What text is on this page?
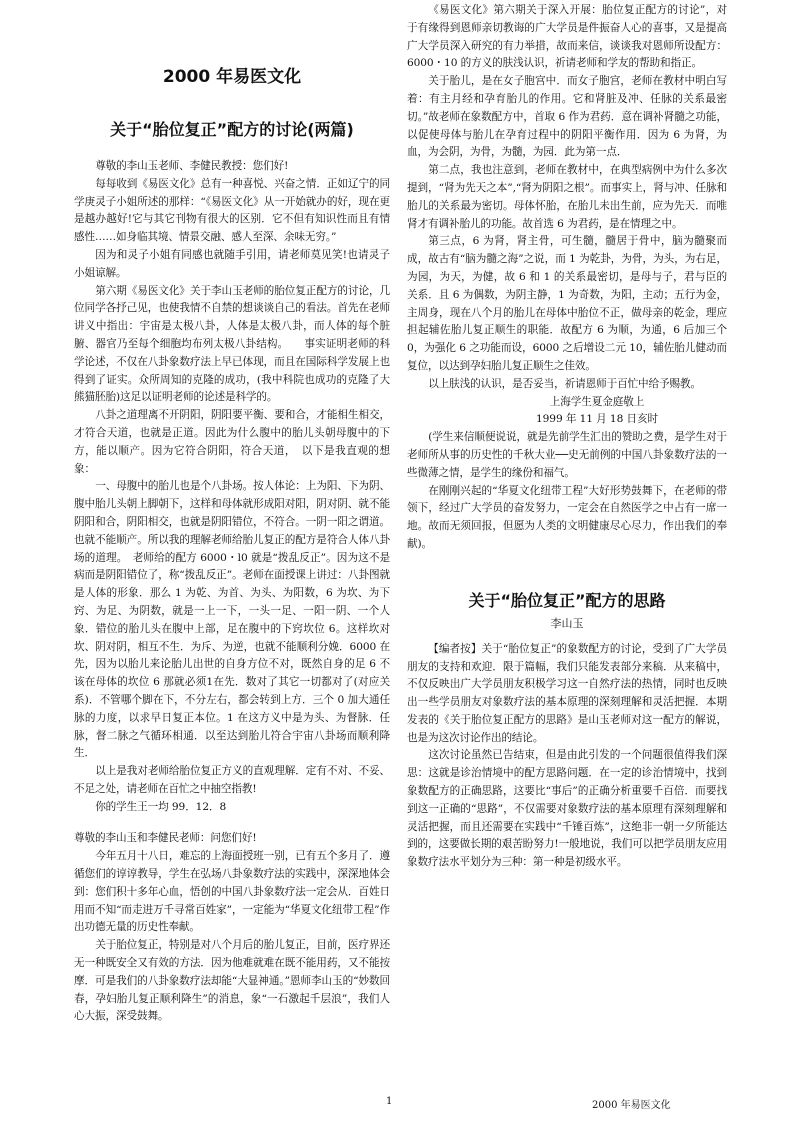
2000 年易医文化

关于“胎位复正”配方的讨论(两篇)

尊敬的李山玉老师、李健民教授：您们好!

每每收到《易医文化》总有一种喜悦、兴奋之情．正如辽宁的同学庚灵子小姐所述的那样：“《易医文化》从一开始就办的好，现在更是越办越好!它与其它刊物有很大的区别．它不但有知识性而且有情感性……如身临其境、情景交融、感人至深、余味无穷。”

因为和灵子小姐有同感也就随手引用，请老师莫见笑!也请灵子小姐谅解。

第六期《易医文化》关于李山玉老师的胎位复正配方的讨论，几位同学各抒己见，也使我情不自禁的想谈谈自己的看法。首先在老师讲义中指出：宇宙是太极八卦，人体是太极八卦，而人体的每个脏腑、器官乃至每个细胞均布列太极八卦结构。　　事实证明老师的科学论述，不仅在八卦象数疗法上早已体现，而且在国际科学发展上也得到了证实。众所周知的克隆的成功，(我中科院也成功的克隆了大熊猫胚胎)这足以证明老师的论述是科学的。

八卦之道理离不开阴阳，阴阳要平衡、要和合，才能相生相交，才符合天道，也就是正道。因此为什么腹中的胎儿头朝母腹中的下方，能以顺产。因为它符合阴阳，符合天道，　以下是我直观的想象：

一、母腹中的胎儿也是个八卦场。按人体论：上为阳、下为阴、腹中胎儿头朝上脚朝下，这样和母体就形成阳对阳，阴对阴、就不能阴阳和合，阴阳相交，也就是阴阳错位，不符合。一阴一阳之谓道。也就不能顺产。所以我的理解老师给胎儿复正的配方是符合人体八卦场的道理。　老师给的配方 6000・l0 就是“拨乱反正”。因为这不是病而是阴阳错位了，称“拨乱反正”。老师在面授课上讲过：八卦图就是人体的形象．那么 1 为乾、为首、为头、为阳数，6 为坎、为下窍、为足、为阴数，就是一上一下，一头一足、一阳一阴、一个人象．错位的胎儿头在腹中上部，足在腹中的下窍坎位 6。这样坎对坎、阴对阴，相互不生．为斥、为逆，也就不能顺利分娩．6000 在先，因为以胎儿来论胎儿出世的自身方位不对，既然自身的足 6 不该在母体的坎位 6 那就必须1在先．数对了其它一切都对了(对应关系)．不管哪个脚在下，不分左右，都会转到上方．三个 0 加大通任脉的力度，以求早日复正本位。1 在这方义中是为头、为督脉．任脉，督二脉之气循环相通．以至达到胎儿符合宇宙八卦场而顺利降生．

以上是我对老师给胎位复正方义的直观理解．定有不对、不妥、不足之处，请老师在百忙之中抽空指教!

你的学生王一均 99．12．8

尊敬的李山玉和李健民老师：问您们好!

今年五月十八日，难忘的上海面授班一别，已有五个多月了．遵循您们的谆谆教导，学生在弘场八卦象数疗法的实践中，深深地体会到：您们积十多年心血，悟创的中国八卦象数疗法一定会从．百姓日用而不知“而走进万千寻常百姓家”，一定能为“华夏文化纽带工程”作出功德无量的历史性奉献。

关于胎位复正，特别是对八个月后的胎儿复正，目前，医疗界还无一种既安全又有效的方法．因为他难就难在既不能用药，又不能按摩．可是我们的八卦象数疗法却能“大显神通。”恩师李山玉的“妙数回春，孕妇胎儿复正顺利降生”的消息，象“一石激起千层浪”，我们人心大振，深受鼓舞。

《易医文化》第六期关于深入开展：胎位复正配方的讨论”，对于有缘得到恩师亲切教诲的广大学员是件振奋人心的喜事，又是提高广大学员深入研究的有力举措，故而来信，谈谈我对恩师所设配方：6000・10 的方义的肤浅认识，祈请老师和学友的帮助和指正。

关于胎儿，是在女子胞宫中．而女子胞宫，老师在教材中明白写着：有主月经和孕育胎儿的作用。它和肾脏及冲、任脉的关系最密切。”故老师在象数配方中，首取 6 作为君药．意在调补肾髓之功能，以促使母体与胎儿在孕育过程中的阴阳平衡作用．因为 6 为肾，为血，为会阴，为骨，为髓，为园．此为第一点．

第二点，我也注意到，老师在教材中，在典型病例中为什么多次提到，“肾为先天之本”,“肾为阴阳之根”。而事实上，肾与冲、任脉和胎儿的关系最为密切。母体怀胎，在胎儿未出生前，应为先天．而唯肾才有调补胎儿的功能。故首选 6 为君药，是在情理之中。

第三点，6 为肾，肾主骨，可生髓，髓居于骨中，脑为髓聚而成，故古有“脑为髓之海”之说，而 1 为乾卦，为骨，为头，为右足，为园，为天，为健，故 6 和 1 的关系最密切，是母与子，君与臣的关系．且 6 为偶数，为阴主静，1 为奇数，为阳，主动；五行为金，主周身，现在八个月的胎儿在母体中胎位不正，做母亲的乾金，理应担起辅佐胎儿复正顺生的职能．故配方 6 为顺，为通，6 后加三个 0，为强化 6 之功能而设，6000 之后增设二元 10，辅佐胎儿健动而复位，以达到孕妇胎儿复正顺生之佳效。

以上肤浅的认识，是否妥当，祈请恩师于百忙中给予赐教。

上海学生夏金庭敬上

1999 年 11 月 18 日亥时

(学生来信顺便说说，就是先前学生汇出的赞助之费，是学生对于老师所从事的历史性的千秋大业──史无前例的中国八卦象数疗法的一些微薄之情，是学生的缘份和福气。

在刚刚兴起的“华夏文化纽带工程”大好形势鼓舞下，在老师的带领下，经过广大学员的奋发努力，一定会在自然医学之中占有一席一地。故而无须回报，但愿为人类的文明健康尽心尽力，作出我们的奉献)。

关于“胎位复正”配方的思路

李山玉

【编者按】关于“胎位复正”的象数配方的讨论，受到了广大学员朋友的支持和欢迎．限于篇幅，我们只能发表部分来稿．从来稿中，不仅反映出广大学员朋友积极学习这一自然疗法的热情，同时也反映出一些学员朋友对象数疗法的基本原理的深刻理解和灵活把握．本期发表的《关于胎位复正配方的思路》是山玉老师对这一配方的解说，也是为这次讨论作出的结论。

这次讨论虽然已告结束，但是由此引发的一个问题很值得我们深思：这就是诊治情境中的配方思路问题．在一定的诊治情境中，找到象数配方的正确思路，这要比“事后”的正确分析重要千百倍．而要找到这一正确的“思路”，不仅需要对象数疗法的基本原理有深刻理解和灵活把握，而且还需要在实践中“千锤百炼”，这绝非一朝一夕所能达到的，这要做长期的艰苦盼努力!一般地说，我们可以把学员朋友应用象数疗法水平划分为三种：第一种是初级水平。

1	2000 年易医文化
